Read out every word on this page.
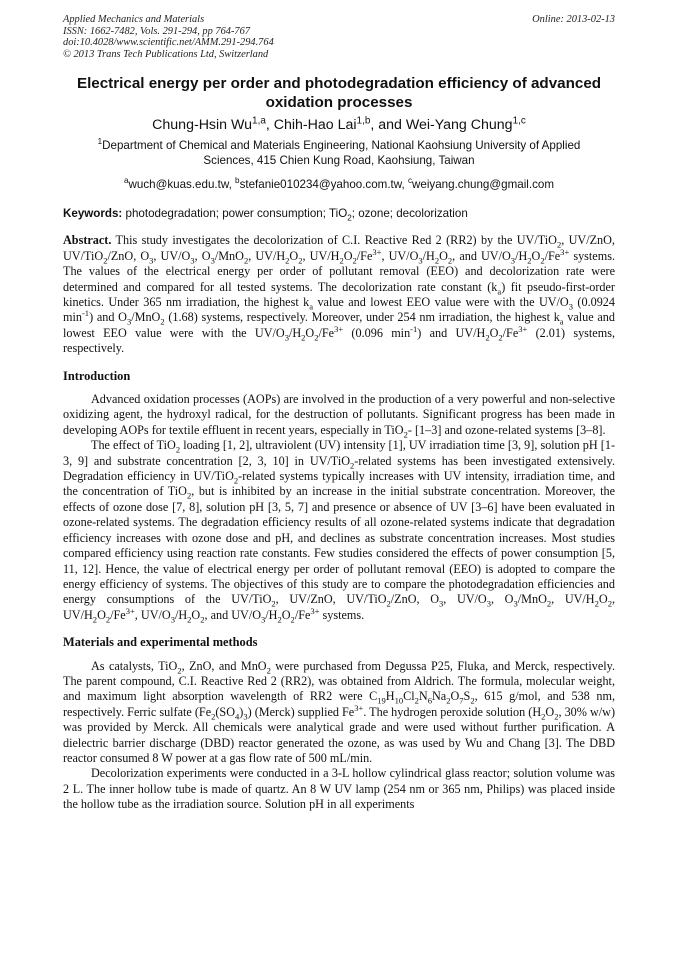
Applied Mechanics and Materials
ISSN: 1662-7482, Vols. 291-294, pp 764-767
doi:10.4028/www.scientific.net/AMM.291-294.764
© 2013 Trans Tech Publications Ltd, Switzerland
Online: 2013-02-13
Electrical energy per order and photodegradation efficiency of advanced oxidation processes
Chung-Hsin Wu$^{1,a}$, Chih-Hao Lai$^{1,b}$, and Wei-Yang Chung$^{1,c}$
$^1$Department of Chemical and Materials Engineering, National Kaohsiung University of Applied Sciences, 415 Chien Kung Road, Kaohsiung, Taiwan
$^a$wuch@kuas.edu.tw, $^b$stefanie010234@yahoo.com.tw, $^c$weiyang.chung@gmail.com
Keywords: photodegradation; power consumption; TiO$_2$; ozone; decolorization
Abstract. This study investigates the decolorization of C.I. Reactive Red 2 (RR2) by the UV/TiO$_2$, UV/ZnO, UV/TiO$_2$/ZnO, $O_3$, $UV/O_3$, $O_3/MnO_2$, $UV/H_2O_2$, $UV/H_2O_2/Fe^{3+}$, $UV/O_3/H_2O_2$, and $UV/O_3/H_2O_2/Fe^{3+}$ systems. The values of the electrical energy per order of pollutant removal (EEO) and decolorization rate were determined and compared for all tested systems. The decolorization rate constant $(k_a)$ fit pseudo-first-order kinetics. Under 365 nm irradiation, the highest $k_a$ value and lowest EEO value were with the $UV/O_3$ (0.0924 $\min^{-1}$) and $O_3/MnO_2$ (1.68) systems, respectively. Moreover, under 254 nm irradiation, the highest $k_a$ value and lowest EEO value were with the $UV/O_3/H_2O_2/Fe^{3+}$ (0.096 $\min^{-1}$) and $UV/H_2O_2/Fe^{3+}$ (2.01) systems, respectively.
Introduction
Advanced oxidation processes (AOPs) are involved in the production of a very powerful and non-selective oxidizing agent, the hydroxyl radical, for the destruction of pollutants. Significant progress has been made in developing AOPs for textile effluent in recent years, especially in TiO$_2$- [1–3] and ozone-related systems [3–8].
The effect of TiO$_2$ loading [1, 2], ultraviolent (UV) intensity [1], UV irradiation time [3, 9], solution pH [1-3, 9] and substrate concentration [2, 3, 10] in UV/TiO$_2$-related systems has been investigated extensively. Degradation efficiency in UV/TiO$_2$-related systems typically increases with UV intensity, irradiation time, and the concentration of TiO$_2$, but is inhibited by an increase in the initial substrate concentration. Moreover, the effects of ozone dose [7, 8], solution pH [3, 5, 7] and presence or absence of UV [3–6] have been evaluated in ozone-related systems. The degradation efficiency results of all ozone-related systems indicate that degradation efficiency increases with ozone dose and pH, and declines as substrate concentration increases. Most studies compared efficiency using reaction rate constants. Few studies considered the effects of power consumption [5, 11, 12]. Hence, the value of electrical energy per order of pollutant removal (EEO) is adopted to compare the energy efficiency of systems. The objectives of this study are to compare the photodegradation efficiencies and energy consumptions of the UV/TiO$_2$, UV/ZnO, UV/TiO$_2$/ZnO, $O_3$, $UV/O_3$, $O_3/MnO_2$, $UV/H_2O_2$, $UV/H_2O_2/Fe^{3+}$, $UV/O_3/H_2O_2$, and $UV/O_3/H_2O_2/Fe^{3+}$ systems.
Materials and experimental methods
As catalysts, TiO$_2$, ZnO, and MnO$_2$ were purchased from Degussa P25, Fluka, and Merck, respectively. The parent compound, C.I. Reactive Red 2 (RR2), was obtained from Aldrich. The formula, molecular weight, and maximum light absorption wavelength of RR2 were $C_{19}H_{10}Cl_2N_6Na_2O_7S_2$, 615 g/mol, and 538 nm, respectively. Ferric sulfate $(Fe_2(SO_4)_3)$ (Merck) supplied $Fe^{3+}$. The hydrogen peroxide solution ($H_2O_2$, 30% w/w) was provided by Merck. All chemicals were analytical grade and were used without further purification. A dielectric barrier discharge (DBD) reactor generated the ozone, as was used by Wu and Chang [3]. The DBD reactor consumed 8 W power at a gas flow rate of 500 mL/min.
Decolorization experiments were conducted in a 3-L hollow cylindrical glass reactor; solution volume was 2 L. The inner hollow tube is made of quartz. An 8 W UV lamp (254 nm or 365 nm, Philips) was placed inside the hollow tube as the irradiation source. Solution pH in all experiments
